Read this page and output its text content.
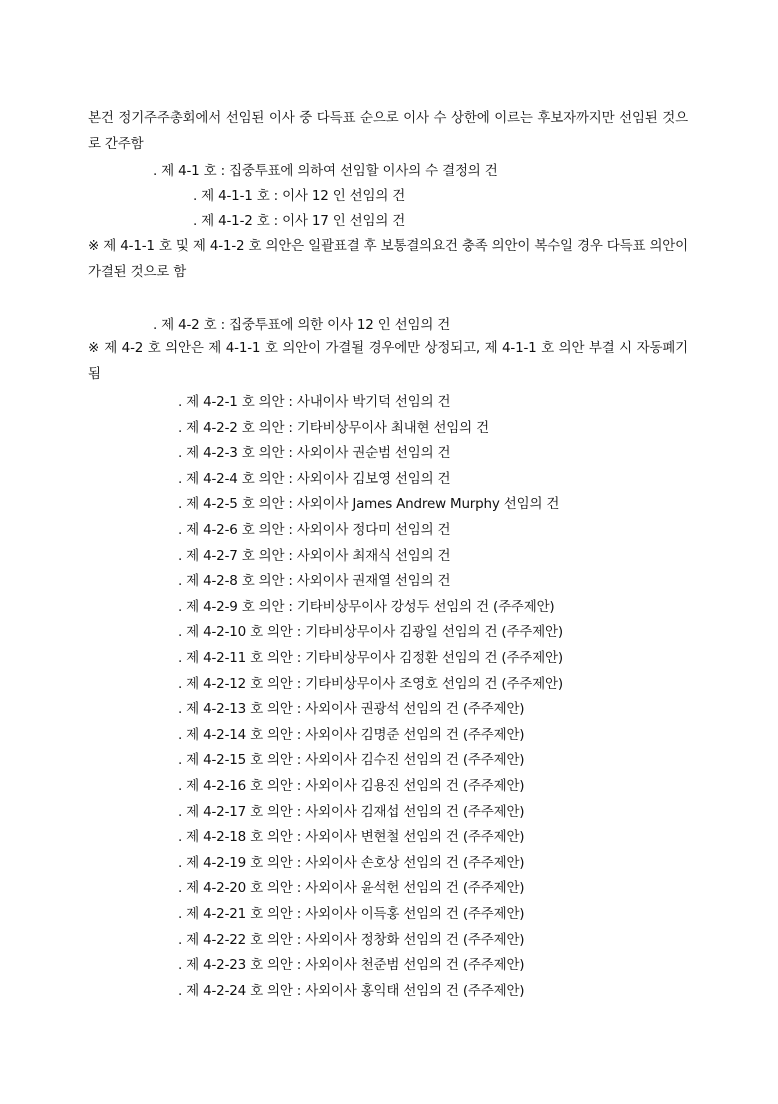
본건 정기주주총회에서 선임된 이사 중 다득표 순으로 이사 수 상한에 이르는 후보자까지만 선임된 것으로 간주함
. 제 4-1 호 : 집중투표에 의하여 선임할 이사의 수 결정의 건
. 제 4-1-1 호 : 이사 12 인 선임의 건
. 제 4-1-2 호 : 이사 17 인 선임의 건
※ 제 4-1-1 호 및 제 4-1-2 호 의안은 일괄표결 후 보통결의요건 충족 의안이 복수일 경우 다득표 의안이 가결된 것으로 함
. 제 4-2 호 : 집중투표에 의한 이사 12 인 선임의 건
※ 제 4-2 호 의안은 제 4-1-1 호 의안이 가결될 경우에만 상정되고, 제 4-1-1 호 의안 부결 시 자동폐기됨
. 제 4-2-1 호 의안 : 사내이사 박기덕 선임의 건
. 제 4-2-2 호 의안 : 기타비상무이사 최내현 선임의 건
. 제 4-2-3 호 의안 : 사외이사 권순범 선임의 건
. 제 4-2-4 호 의안 : 사외이사 김보영 선임의 건
. 제 4-2-5 호 의안 : 사외이사 James Andrew Murphy 선임의 건
. 제 4-2-6 호 의안 : 사외이사 정다미 선임의 건
. 제 4-2-7 호 의안 : 사외이사 최재식 선임의 건
. 제 4-2-8 호 의안 : 사외이사 권재열 선임의 건
. 제 4-2-9 호 의안 : 기타비상무이사 강성두 선임의 건 (주주제안)
. 제 4-2-10 호 의안 : 기타비상무이사 김광일 선임의 건 (주주제안)
. 제 4-2-11 호 의안 : 기타비상무이사 김정환 선임의 건 (주주제안)
. 제 4-2-12 호 의안 : 기타비상무이사 조영호 선임의 건 (주주제안)
. 제 4-2-13 호 의안 : 사외이사 권광석 선임의 건 (주주제안)
. 제 4-2-14 호 의안 : 사외이사 김명준 선임의 건 (주주제안)
. 제 4-2-15 호 의안 : 사외이사 김수진 선임의 건 (주주제안)
. 제 4-2-16 호 의안 : 사외이사 김용진 선임의 건 (주주제안)
. 제 4-2-17 호 의안 : 사외이사 김재섭 선임의 건 (주주제안)
. 제 4-2-18 호 의안 : 사외이사 변현철 선임의 건 (주주제안)
. 제 4-2-19 호 의안 : 사외이사 손호상 선임의 건 (주주제안)
. 제 4-2-20 호 의안 : 사외이사 윤석헌 선임의 건 (주주제안)
. 제 4-2-21 호 의안 : 사외이사 이득홍 선임의 건 (주주제안)
. 제 4-2-22 호 의안 : 사외이사 정창화 선임의 건 (주주제안)
. 제 4-2-23 호 의안 : 사외이사 천준범 선임의 건 (주주제안)
. 제 4-2-24 호 의안 : 사외이사 홍익태 선임의 건 (주주제안)
